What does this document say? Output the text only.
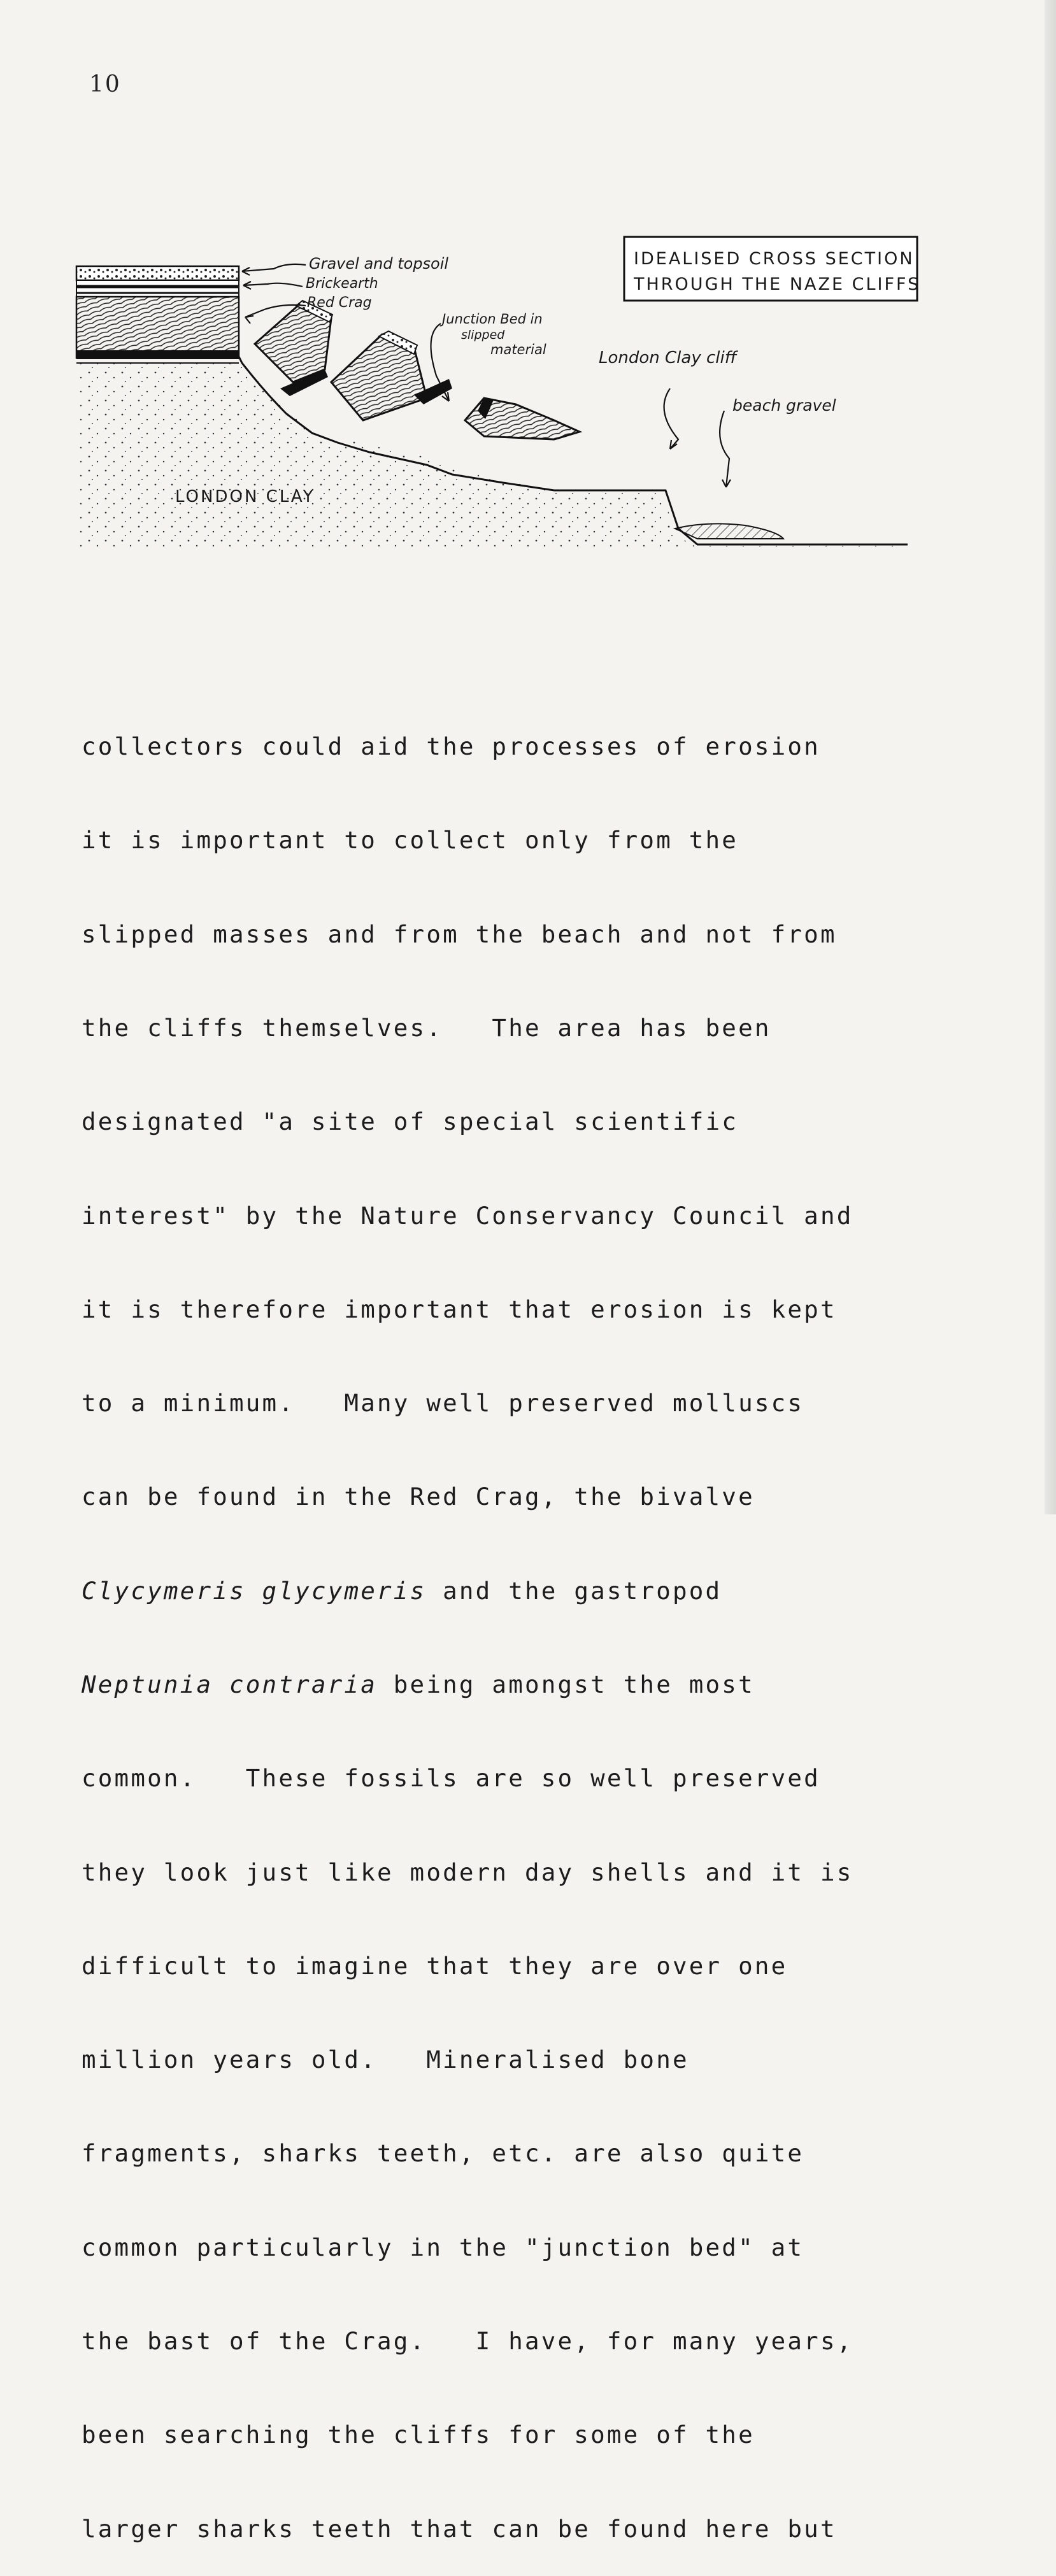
10
Gravel and topsoil
Brickearth
Red Crag
Junction Bed in
slipped
material	London Clay cliff
beach gravel
LONDON CLAY
IDEALISED CROSS SECTION
THROUGH THE NAZE CLIFFS

collectors could aid the processes of erosion

it is important to collect only from the

slipped masses and from the beach and not from

the cliffs themselves.   The area has been

designated "a site of special scientific

interest" by the Nature Conservancy Council and

it is therefore important that erosion is kept

to a minimum.   Many well preserved molluscs

can be found in the Red Crag, the bivalve

Clycymeris glycymeris and the gastropod

Neptunia contraria being amongst the most

common.   These fossils are so well preserved

they look just like modern day shells and it is

difficult to imagine that they are over one

million years old.   Mineralised bone

fragments, sharks teeth, etc. are also quite

common particularly in the "junction bed" at

the bast of the Crag.   I have, for many years,

been searching the cliffs for some of the

larger sharks teeth that can be found here but
